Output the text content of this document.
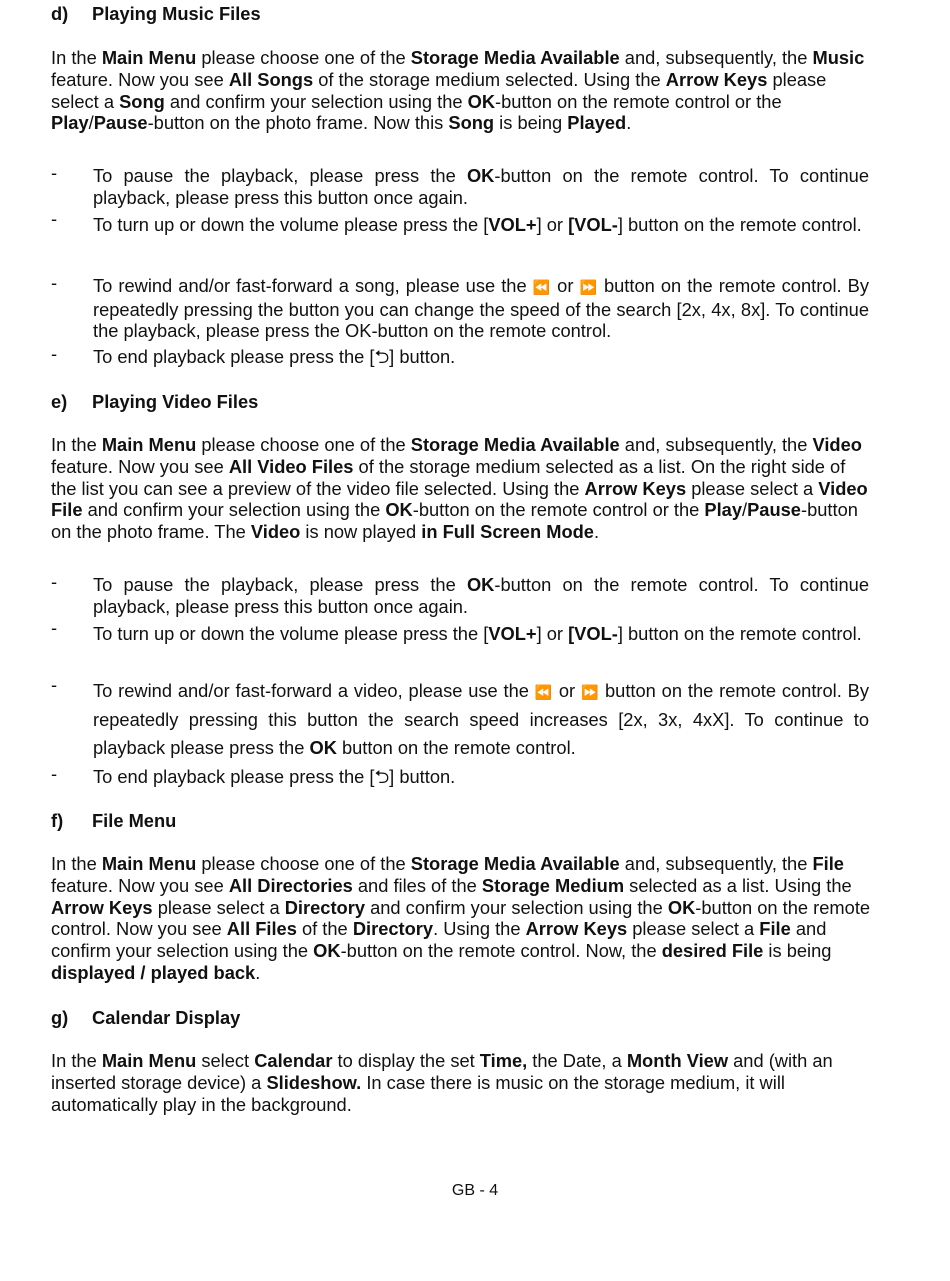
d) Playing Music Files
In the Main Menu please choose one of the Storage Media Available and, subsequently, the Music feature. Now you see All Songs of the storage medium selected. Using the Arrow Keys please select a Song and confirm your selection using the OK-button on the remote control or the Play/Pause-button on the photo frame. Now this Song is being Played.
- To pause the playback, please press the OK-button on the remote control. To continue playback, please press this button once again.
- To turn up or down the volume please press the [VOL+] or [VOL-] button on the remote control.
- To rewind and/or fast-forward a song, please use the ⏪ or ⏩ button on the remote control. By repeatedly pressing the button you can change the speed of the search [2x, 4x, 8x]. To continue the playback, please press the OK-button on the remote control.
- To end playback please press the [⮌] button.
e) Playing Video Files
In the Main Menu please choose one of the Storage Media Available and, subsequently, the Video feature. Now you see All Video Files of the storage medium selected as a list. On the right side of the list you can see a preview of the video file selected. Using the Arrow Keys please select a Video File and confirm your selection using the OK-button on the remote control or the Play/Pause-button on the photo frame. The Video is now played in Full Screen Mode.
- To pause the playback, please press the OK-button on the remote control. To continue playback, please press this button once again.
- To turn up or down the volume please press the [VOL+] or [VOL-] button on the remote control.
- To rewind and/or fast-forward a video, please use the ⏪ or ⏩ button on the remote control. By repeatedly pressing this button the search speed increases [2x, 3x, 4xX]. To continue to playback please press the OK button on the remote control.
- To end playback please press the [⮌] button.
f) File Menu
In the Main Menu please choose one of the Storage Media Available and, subsequently, the File feature. Now you see All Directories and files of the Storage Medium selected as a list. Using the Arrow Keys please select a Directory and confirm your selection using the OK-button on the remote control. Now you see All Files of the Directory. Using the Arrow Keys please select a File and confirm your selection using the OK-button on the remote control. Now, the desired File is being displayed / played back.
g) Calendar Display
In the Main Menu select Calendar to display the set Time, the Date, a Month View and (with an inserted storage device) a Slideshow. In case there is music on the storage medium, it will automatically play in the background.
GB - 4
